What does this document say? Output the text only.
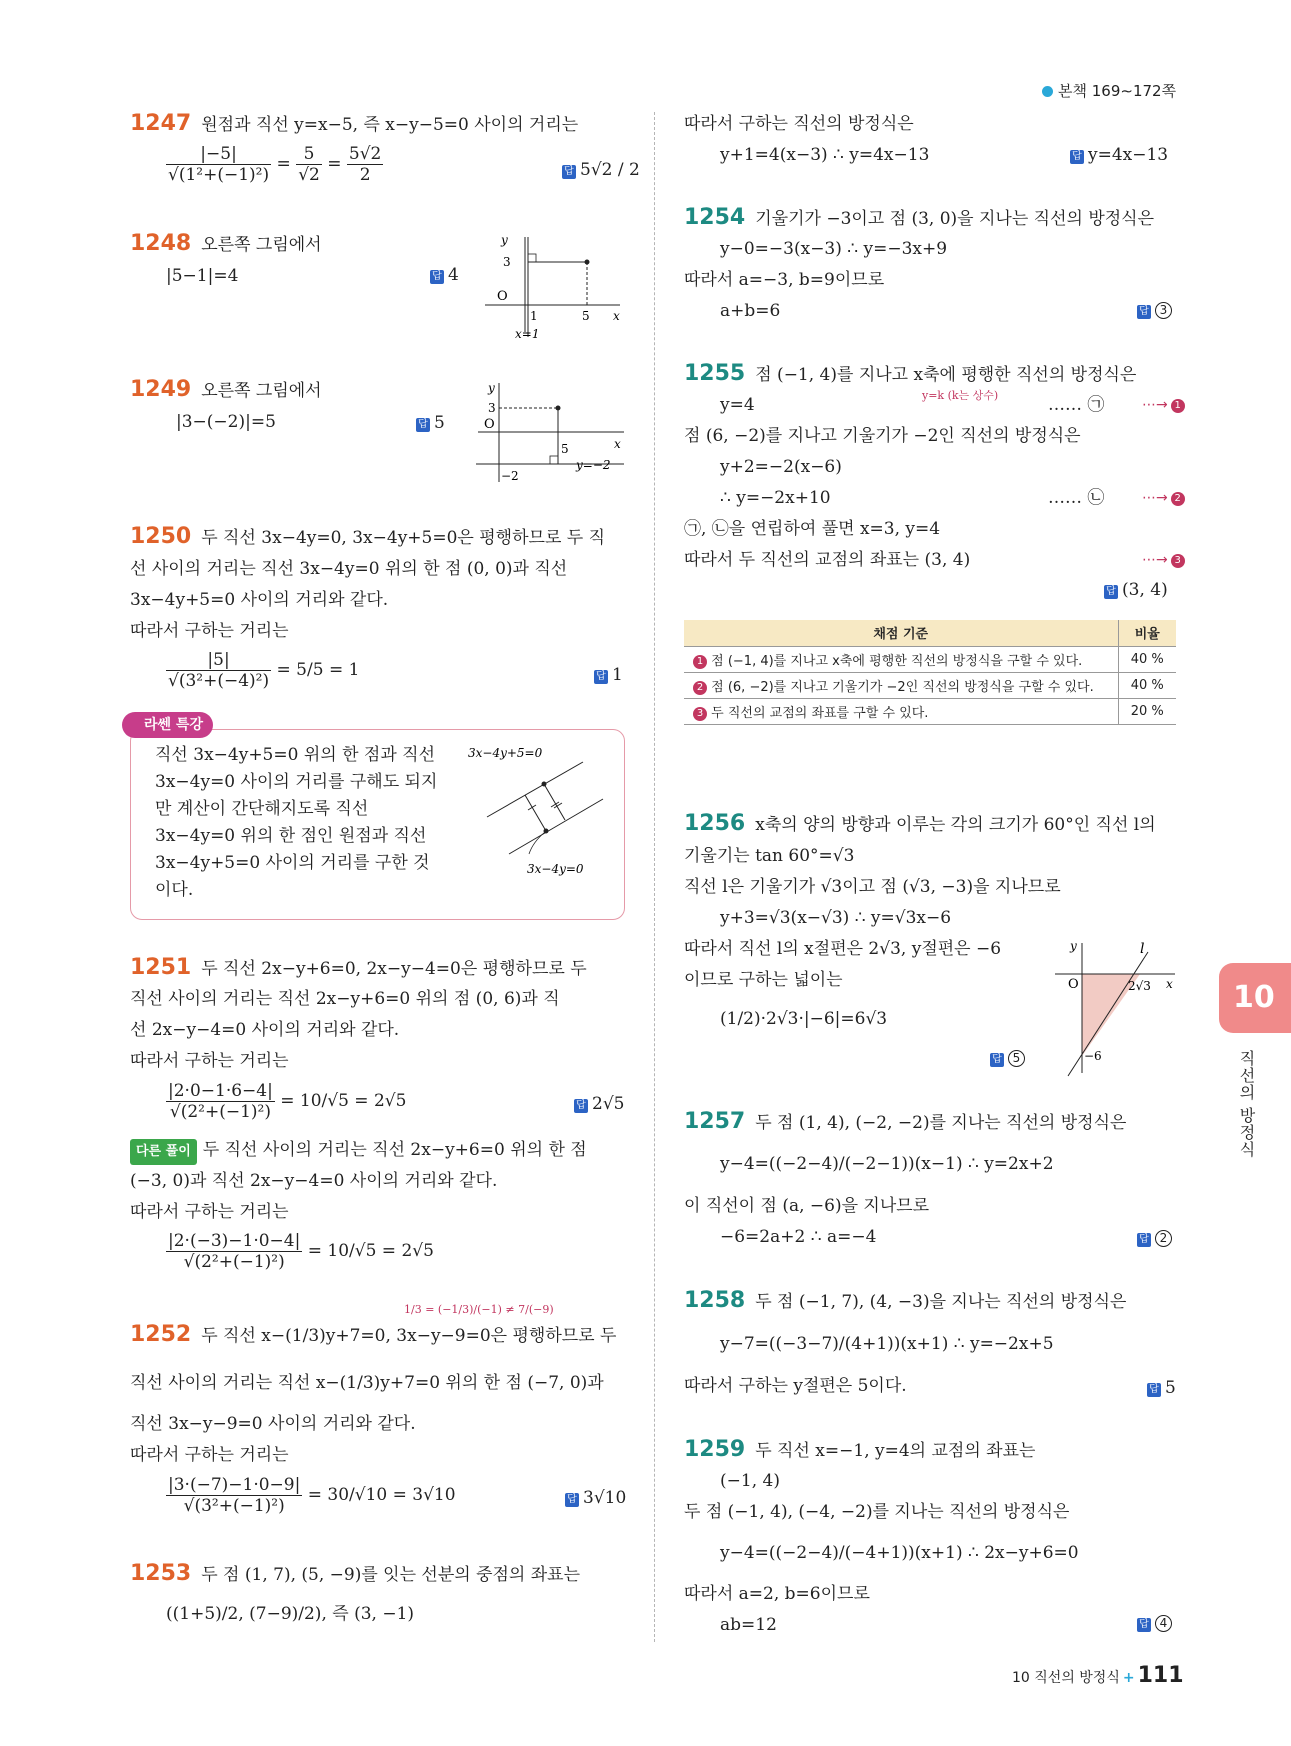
본책 169∼172쪽
1247 원점과 직선 y=x−5, 즉 x−y−5=0 사이의 거리는
$\frac{|-5|}{\text{√(1²+(−1)²)}} = \frac{5}{√2} = \frac{5√2}{2}$	답 5√2 / 2
1248 오른쪽 그림에서
|5−1|=4	답 4
y
x
O
3
1	5
x=1
1249 오른쪽 그림에서
|3−(−2)|=5	답 5
y
x
O
3
−2
5
y=−2
1250 두 직선 3x−4y=0, 3x−4y+5=0은 평행하므로 두 직
선 사이의 거리는 직선 3x−4y=0 위의 한 점 (0, 0)과 직선
3x−4y+5=0 사이의 거리와 같다.
따라서 구하는 거리는
$\frac{|5|}{\text{√(3²+(−4)²)}} = 5/5 = 1$	답 1
라쎈 특강
직선 3x−4y+5=0 위의 한 점과 직선
3x−4y=0 사이의 거리를 구해도 되지
만 계산이 간단해지도록 직선
3x−4y=0 위의 한 점인 원점과 직선
3x−4y+5=0 사이의 거리를 구한 것
이다.
3x−4y+5=0
3x−4y=0
1251 두 직선 2x−y+6=0, 2x−y−4=0은 평행하므로 두
직선 사이의 거리는 직선 2x−y+6=0 위의 점 (0, 6)과 직
선 2x−y−4=0 사이의 거리와 같다.
따라서 구하는 거리는
$\frac{|2\cdot 0-1\cdot 6-4|}{\text{√(2²+(−1)²)}} = 10/√5 = 2√5$
다른 풀이 두 직선 사이의 거리는 직선 2x−y+6=0 위의 한 점
(−3, 0)과 직선 2x−y−4=0 사이의 거리와 같다.
따라서 구하는 거리는
$\frac{|2\cdot(-3)-1\cdot 0-4|}{\text{√(2²+(−1)²)}} = 10/√5 = 2√5$
답 2√5
1/3 = (−1/3)/(−1) ≠ 7/(−9)
1252 두 직선 x−(1/3)y+7=0, 3x−y−9=0은 평행하므로 두
직선 사이의 거리는 직선 x−(1/3)y+7=0 위의 한 점 (−7, 0)과
직선 3x−y−9=0 사이의 거리와 같다.
따라서 구하는 거리는
$\frac{|3\cdot(-7)-1\cdot 0-9|}{\text{√(3²+(−1)²)}} = 30/√10 = 3√10$	답 3√10
1253 두 점 (1, 7), (5, −9)를 잇는 선분의 중점의 좌표는
((1+5)/2, (7−9)/2), 즉 (3, −1)
따라서 구하는 직선의 방정식은
y+1=4(x−3) ∴ y=4x−13	답 y=4x−13
1254 기울기가 −3이고 점 (3, 0)을 지나는 직선의 방정식은
y−0=−3(x−3) ∴ y=−3x+9
따라서 a=−3, b=9이므로
a+b=6	답 3
1255 점 (−1, 4)를 지나고 x축에 평행한 직선의 방정식은
y=k (k는 상수)
y=4
점 (6, −2)를 지나고 기울기가 −2인 직선의 방정식은
y+2=−2(x−6)
∴ y=−2x+10
㉠, ㉡을 연립하여 풀면 x=3, y=4
따라서 두 직선의 교점의 좌표는 (3, 4)
…… ㉠
…… ㉡
⋯→ 1
⋯→ 2
⋯→ 3
답 (3, 4)
채점 기준	비율
1 점 (−1, 4)를 지나고 x축에 평행한 직선의 방정식을 구할 수 있다.	40 %
2 점 (6, −2)를 지나고 기울기가 −2인 직선의 방정식을 구할 수 있다.	40 %
3 두 직선의 교점의 좌표를 구할 수 있다.	20 %
1256 x축의 양의 방향과 이루는 각의 크기가 60°인 직선 l의
기울기는 tan 60°=√3
직선 l은 기울기가 √3이고 점 (√3, −3)을 지나므로
y+3=√3(x−√3) ∴ y=√3x−6
따라서 직선 l의 x절편은 2√3, y절편은 −6
이므로 구하는 넓이는
(1/2)·2√3·|−6|=6√3
답 5
y	l
O	2√3 x
−6
1257 두 점 (1, 4), (−2, −2)를 지나는 직선의 방정식은
y−4=((−2−4)/(−2−1))(x−1) ∴ y=2x+2
이 직선이 점 (a, −6)을 지나므로
−6=2a+2 ∴ a=−4	답 2
1258 두 점 (−1, 7), (4, −3)을 지나는 직선의 방정식은
y−7=((−3−7)/(4+1))(x+1) ∴ y=−2x+5
따라서 구하는 y절편은 5이다.	답 5
1259 두 직선 x=−1, y=4의 교점의 좌표는
(−1, 4)
두 점 (−1, 4), (−4, −2)를 지나는 직선의 방정식은
y−4=((−2−4)/(−4+1))(x+1) ∴ 2x−y+6=0
따라서 a=2, b=6이므로
ab=12	답 4
10
직선의 방정식
10 직선의 방정식 + 111
